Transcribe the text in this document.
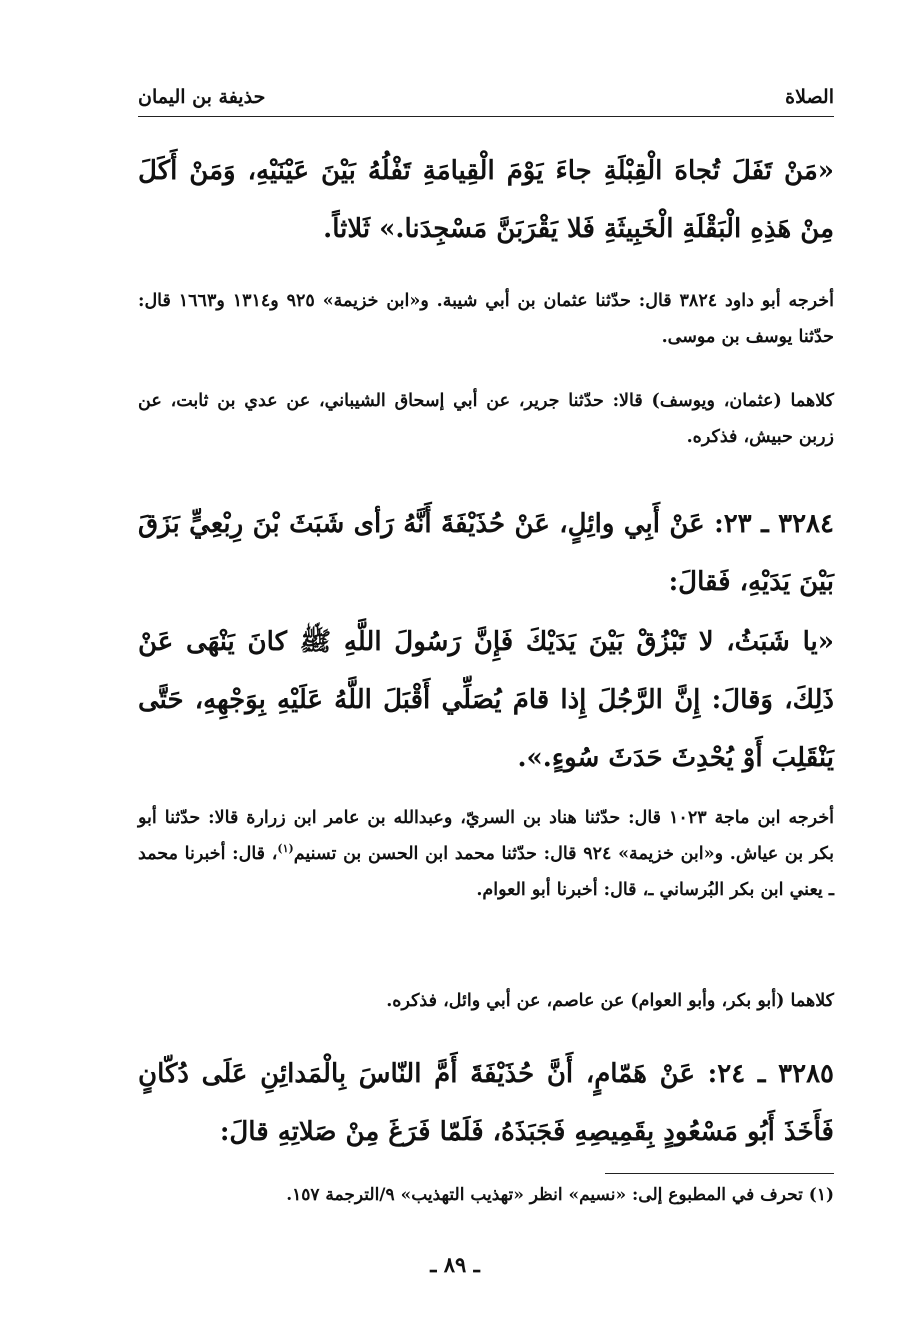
الصلاة
حذيفة بن اليمان
«مَنْ تَفَلَ تُجاهَ الْقِبْلَةِ جاءَ يَوْمَ الْقِيامَةِ تَفْلُهُ بَيْنَ عَيْنَيْهِ، وَمَنْ أَكَلَ مِنْ هَذِهِ الْبَقْلَةِ الْخَبِيثَةِ فَلا يَقْرَبَنَّ مَسْجِدَنا.» ثَلاثاً.
أخرجه أبو داود ٣٨٢٤ قال: حدّثنا عثمان بن أبي شيبة. و«ابن خزيمة» ٩٢٥ و١٣١٤ و١٦٦٣ قال: حدّثنا يوسف بن موسى.
كلاهما (عثمان، ويوسف) قالا: حدّثنا جرير، عن أبي إسحاق الشيباني، عن عدي بن ثابت، عن زربن حبيش، فذكره.
٣٢٨٤ ـ ٢٣: عَنْ أَبِي وائِلٍ، عَنْ حُذَيْفَةَ أَنَّهُ رَأى شَبَثَ بْنَ رِبْعِيٍّ بَزَقَ بَيْنَ يَدَيْهِ، فَقالَ:
«يا شَبَثُ، لا تَبْزُقْ بَيْنَ يَدَيْكَ فَإِنَّ رَسُولَ اللَّهِ ﷺ كانَ يَنْهَى عَنْ ذَلِكَ، وَقالَ: إِنَّ الرَّجُلَ إِذا قامَ يُصَلِّي أَقْبَلَ اللَّهُ عَلَيْهِ بِوَجْهِهِ، حَتَّى يَنْقَلِبَ أَوْ يُحْدِثَ حَدَثَ سُوءٍ.».
أخرجه ابن ماجة ١٠٢٣ قال: حدّثنا هناد بن السريّ، وعبدالله بن عامر ابن زرارة قالا: حدّثنا أبو بكر بن عياش. و«ابن خزيمة» ٩٢٤ قال: حدّثنا محمد ابن الحسن بن تسنيم$^{(١)}$، قال: أخبرنا محمد ـ يعني ابن بكر البُرساني ـ، قال: أخبرنا أبو العوام.
كلاهما (أبو بكر، وأبو العوام) عن عاصم، عن أبي وائل، فذكره.
٣٢٨٥ ـ ٢٤: عَنْ هَمّامٍ، أَنَّ حُذَيْفَةَ أَمَّ النّاسَ بِالْمَدائِنِ عَلَى دُكّانٍ فَأَخَذَ أَبُو مَسْعُودٍ بِقَمِيصِهِ فَجَبَذَهُ، فَلَمّا فَرَغَ مِنْ صَلاتِهِ قالَ:
(١) تحرف في المطبوع إلى: «نسيم» انظر «تهذيب التهذيب» ٩/الترجمة ١٥٧.
ـ ٨٩ ـ
